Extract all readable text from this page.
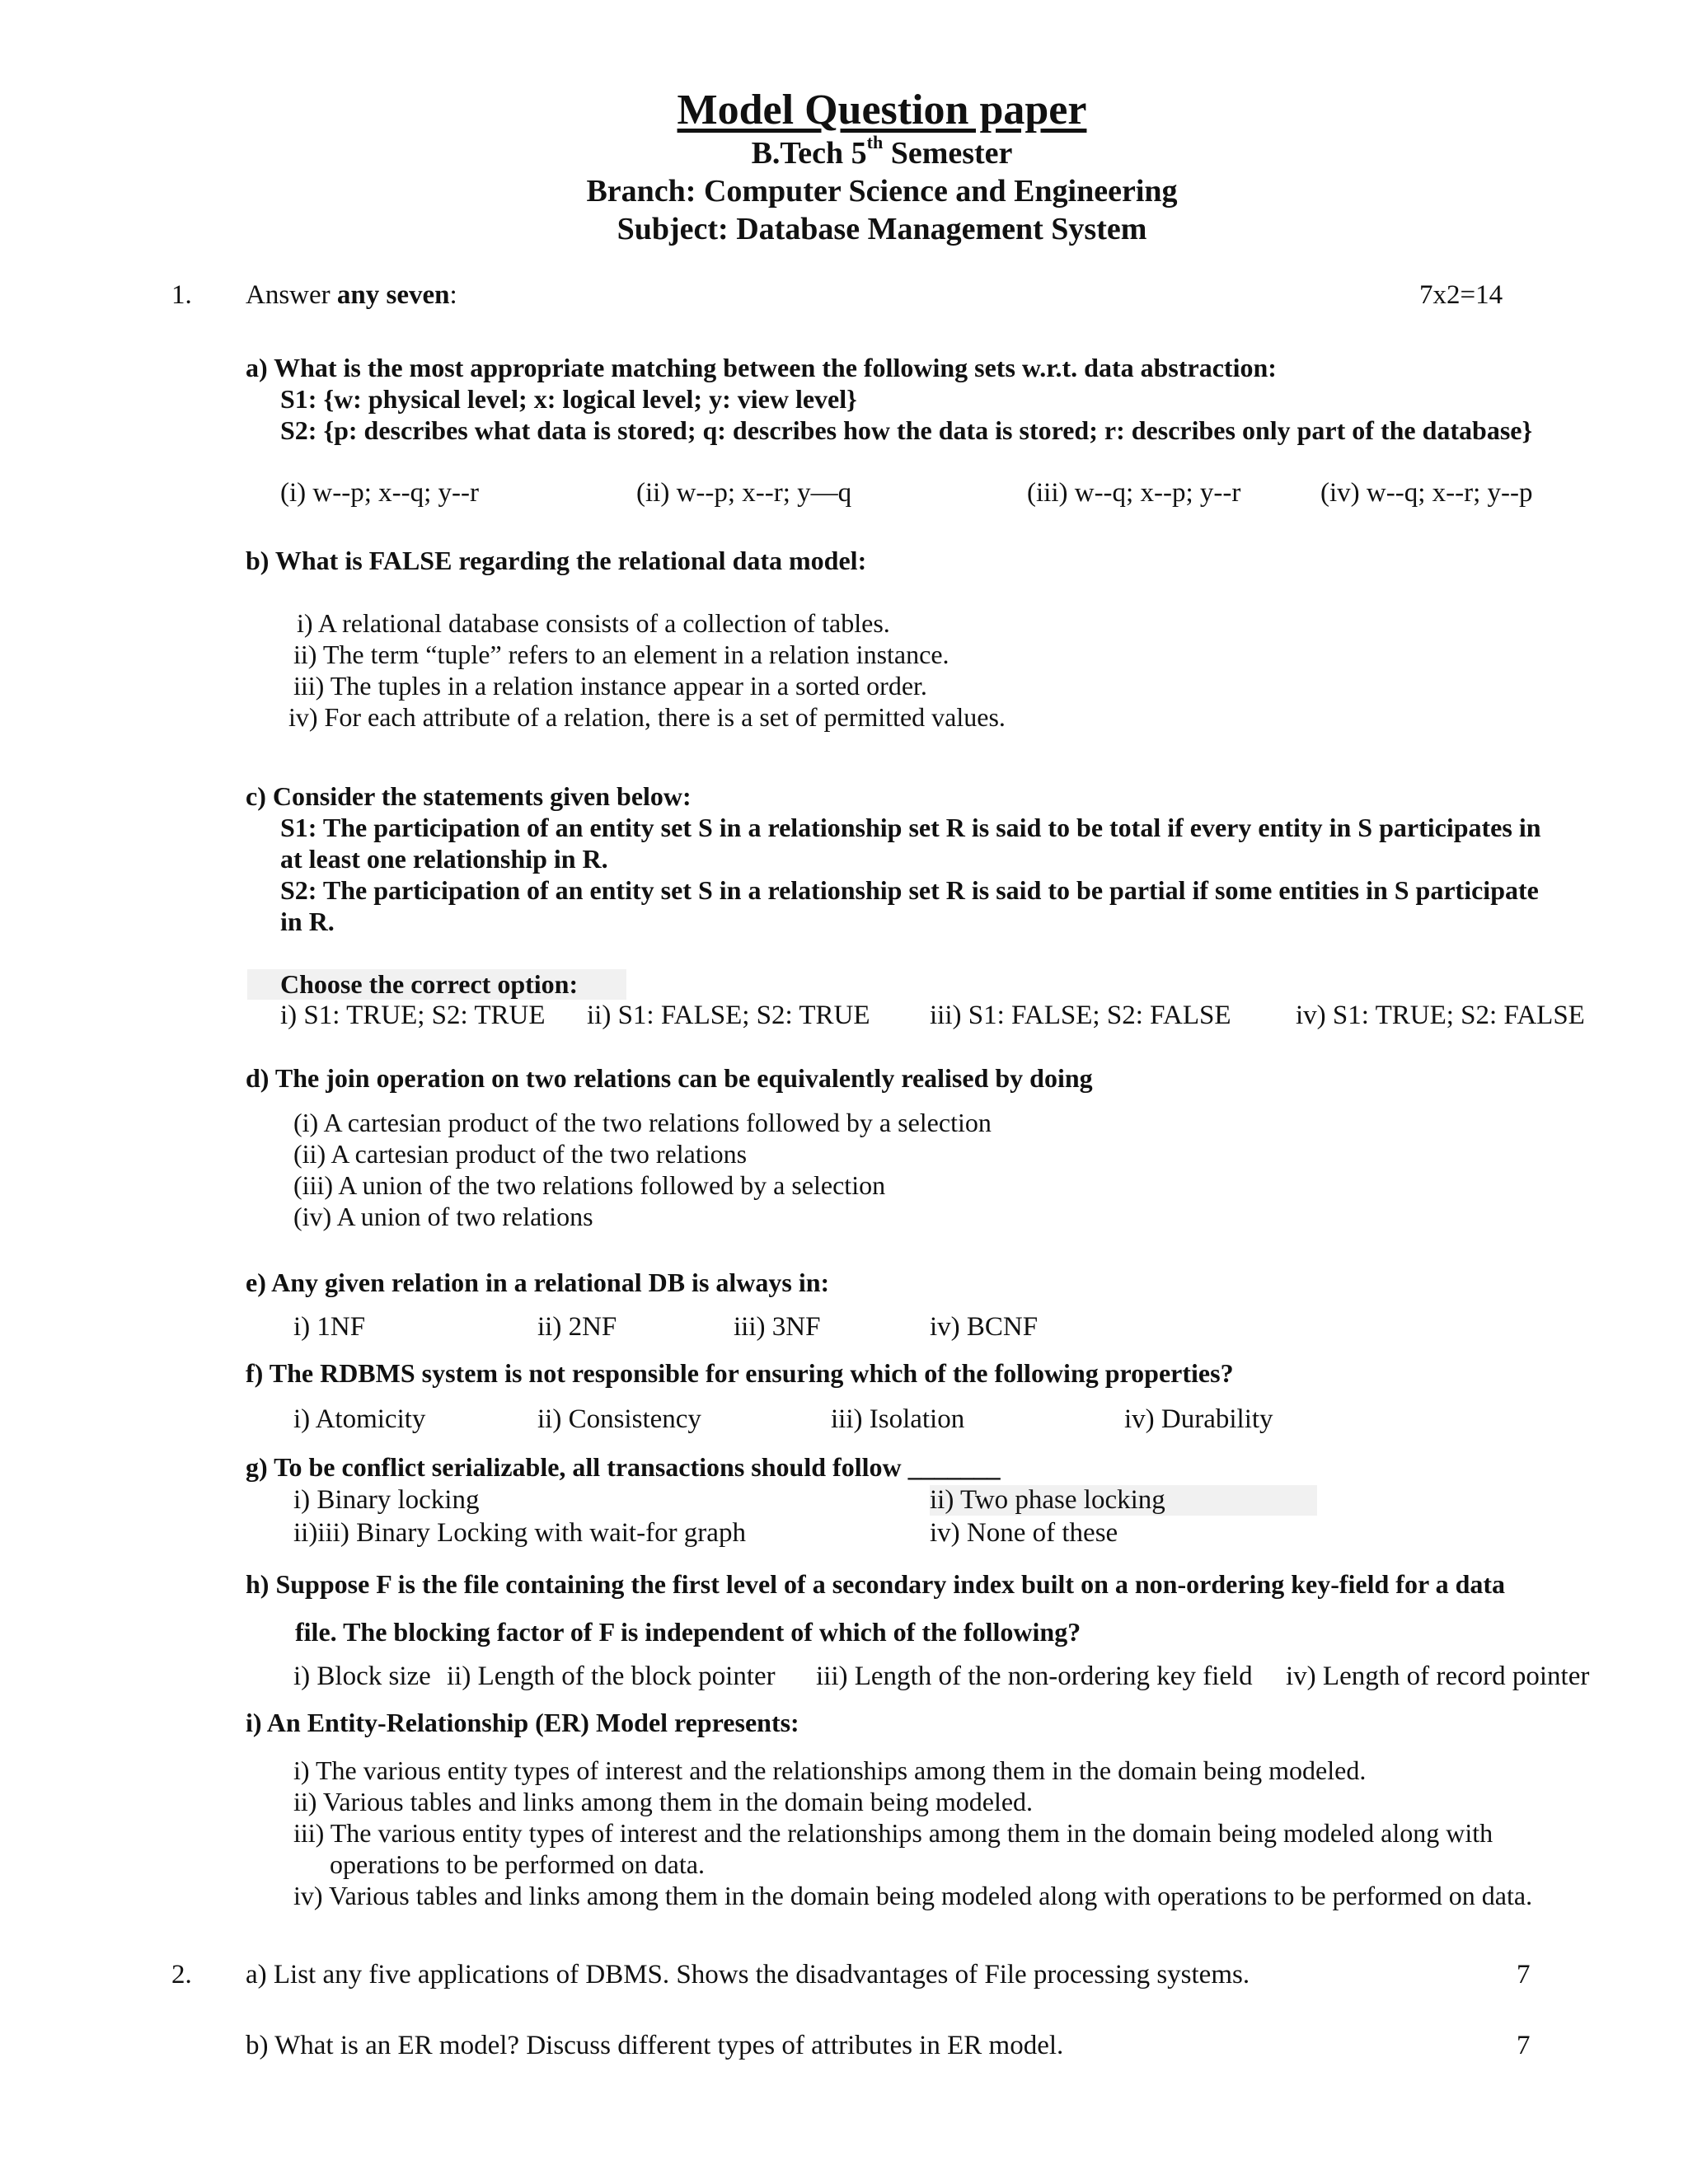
Model Question paper
B.Tech 5th Semester
Branch: Computer Science and Engineering
Subject: Database Management System
1. Answer any seven:	7x2=14
a) What is the most appropriate matching between the following sets w.r.t. data abstraction:
S1: {w: physical level; x: logical level; y: view level}
S2: {p: describes what data is stored; q: describes how the data is stored; r: describes only part of the database}
(i) w--p; x--q; y--r	(ii) w--p; x--r; y—q	(iii) w--q; x--p; y--r	(iv) w--q; x--r; y--p
b) What is FALSE regarding the relational data model:
i) A relational database consists of a collection of tables.
ii) The term “tuple” refers to an element in a relation instance.
iii) The tuples in a relation instance appear in a sorted order.
iv) For each attribute of a relation, there is a set of permitted values.
c) Consider the statements given below:
S1: The participation of an entity set S in a relationship set R is said to be total if every entity in S participates in
at least one relationship in R.
S2: The participation of an entity set S in a relationship set R is said to be partial if some entities in S participate
in R.
Choose the correct option:
i) S1: TRUE; S2: TRUE ii) S1: FALSE; S2: TRUE iii) S1: FALSE; S2: FALSE iv) S1: TRUE; S2: FALSE
d) The join operation on two relations can be equivalently realised by doing
(i) A cartesian product of the two relations followed by a selection
(ii) A cartesian product of the two relations
(iii) A union of the two relations followed by a selection
(iv) A union of two relations
e) Any given relation in a relational DB is always in:
i) 1NF	ii) 2NF	iii) 3NF	iv) BCNF
f) The RDBMS system is not responsible for ensuring which of the following properties?
i) Atomicity	ii) Consistency	iii) Isolation	iv) Durability
g) To be conflict serializable, all transactions should follow _______
i) Binary locking	ii) Two phase locking
ii)iii) Binary Locking with wait-for graph	iv) None of these
h) Suppose F is the file containing the first level of a secondary index built on a non-ordering key-field for a data
file. The blocking factor of F is independent of which of the following?
i) Block size ii) Length of the block pointer iii) Length of the non-ordering key field iv) Length of record pointer
i) An Entity-Relationship (ER) Model represents:
i) The various entity types of interest and the relationships among them in the domain being modeled.
ii) Various tables and links among them in the domain being modeled.
iii) The various entity types of interest and the relationships among them in the domain being modeled along with
operations to be performed on data.
iv) Various tables and links among them in the domain being modeled along with operations to be performed on data.
2. a) List any five applications of DBMS. Shows the disadvantages of File processing systems.	7
b) What is an ER model? Discuss different types of attributes in ER model.	7
